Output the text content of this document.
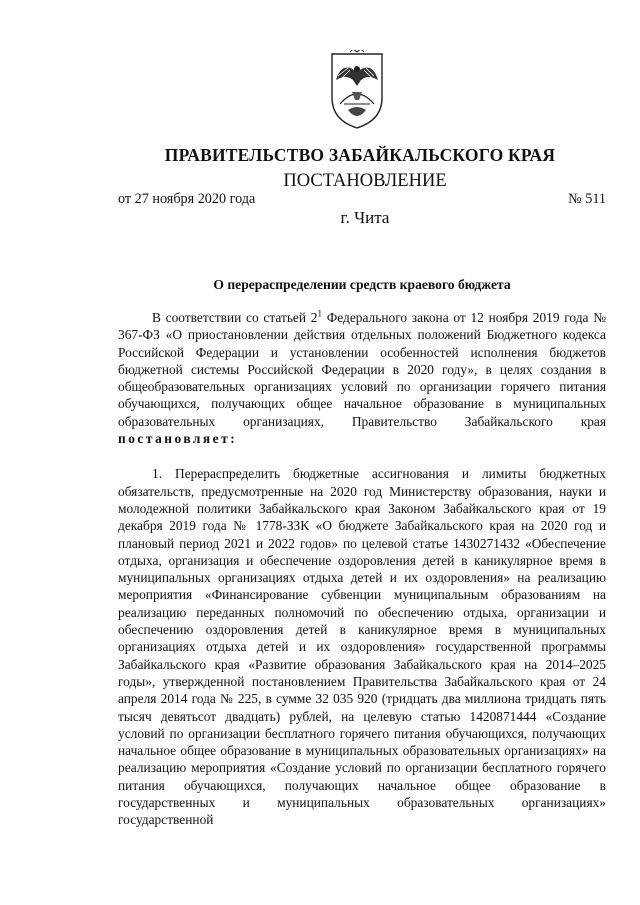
ПРАВИТЕЛЬСТВО ЗАБАЙКАЛЬСКОГО КРАЯ
ПОСТАНОВЛЕНИЕ
от 27 ноября 2020 года	№ 511
г. Чита
О перераспределении средств краевого бюджета

В соответствии со статьей $2^1$ Федерального закона от 12 ноября 2019 года № 367-ФЗ «О приостановлении действия отдельных положений Бюджетного кодекса Российской Федерации и установлении особенностей исполнения бюджетов бюджетной системы Российской Федерации в 2020 году», в целях создания в общеобразовательных организациях условий по организации горячего питания обучающихся, получающих общее начальное образование в муниципальных образовательных организациях, Правительство Забайкальского края постановляет:

1. Перераспределить бюджетные ассигнования и лимиты бюджетных обязательств, предусмотренные на 2020 год Министерству образования, науки и молодежной политики Забайкальского края Законом Забайкальского края от 19 декабря 2019 года № 1778-ЗЗК «О бюджете Забайкальского края на 2020 год и плановый период 2021 и 2022 годов» по целевой статье 1430271432 «Обеспечение отдыха, организация и обеспечение оздоровления детей в каникулярное время в муниципальных организациях отдыха детей и их оздоровления» на реализацию мероприятия «Финансирование субвенции муниципальным образованиям на реализацию переданных полномочий по обеспечению отдыха, организации и обеспечению оздоровления детей в каникулярное время в муниципальных организациях отдыха детей и их оздоровления» государственной программы Забайкальского края «Развитие образования Забайкальского края на 2014–2025 годы», утвержденной постановлением Правительства Забайкальского края от 24 апреля 2014 года № 225, в сумме 32 035 920 (тридцать два миллиона тридцать пять тысяч девятьсот двадцать) рублей, на целевую статью 1420871444 «Создание условий по организации бесплатного горячего питания обучающихся, получающих начальное общее образование в муниципальных образовательных организациях» на реализацию мероприятия «Создание условий по организации бесплатного горячего питания обучающихся, получающих начальное общее образование в государственных и муниципальных образовательных организациях» государственной
